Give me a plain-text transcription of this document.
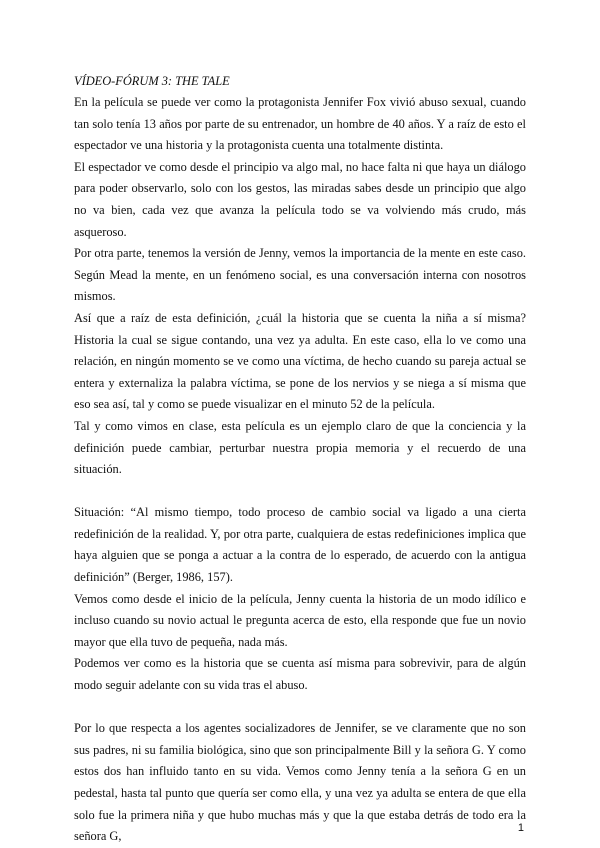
VÍDEO-FÓRUM 3: THE TALE

En la película se puede ver como la protagonista Jennifer Fox vivió abuso sexual, cuando tan solo tenía 13 años por parte de su entrenador, un hombre de 40 años. Y a raíz de esto el espectador ve una historia y la protagonista cuenta una totalmente distinta.

El espectador ve como desde el principio va algo mal, no hace falta ni que haya un diálogo para poder observarlo, solo con los gestos, las miradas sabes desde un principio que algo no va bien, cada vez que avanza la película todo se va volviendo más crudo, más asqueroso.

Por otra parte, tenemos la versión de Jenny, vemos la importancia de la mente en este caso. Según Mead la mente, en un fenómeno social, es una conversación interna con nosotros mismos.

Así que a raíz de esta definición, ¿cuál la historia que se cuenta la niña a sí misma? Historia la cual se sigue contando, una vez ya adulta. En este caso, ella lo ve como una relación, en ningún momento se ve como una víctima, de hecho cuando su pareja actual se entera y externaliza la palabra víctima, se pone de los nervios y se niega a sí misma que eso sea así, tal y como se puede visualizar en el minuto 52 de la película.

Tal y como vimos en clase, esta película es un ejemplo claro de que la conciencia y la definición puede cambiar, perturbar nuestra propia memoria y el recuerdo de una situación.

Situación: “Al mismo tiempo, todo proceso de cambio social va ligado a una cierta redefinición de la realidad. Y, por otra parte, cualquiera de estas redefiniciones implica que haya alguien que se ponga a actuar a la contra de lo esperado, de acuerdo con la antigua definición” (Berger, 1986, 157).

Vemos como desde el inicio de la película, Jenny cuenta la historia de un modo idílico e incluso cuando su novio actual le pregunta acerca de esto, ella responde que fue un novio mayor que ella tuvo de pequeña, nada más.

Podemos ver como es la historia que se cuenta así misma para sobrevivir, para de algún modo seguir adelante con su vida tras el abuso.

Por lo que respecta a los agentes socializadores de Jennifer, se ve claramente que no son sus padres, ni su familia biológica, sino que son principalmente Bill y la señora G. Y como estos dos han influido tanto en su vida. Vemos como Jenny tenía a la señora G en un pedestal, hasta tal punto que quería ser como ella, y una vez ya adulta se entera de que ella solo fue la primera niña y que hubo muchas más y que la que estaba detrás de todo era la señora G,

1
